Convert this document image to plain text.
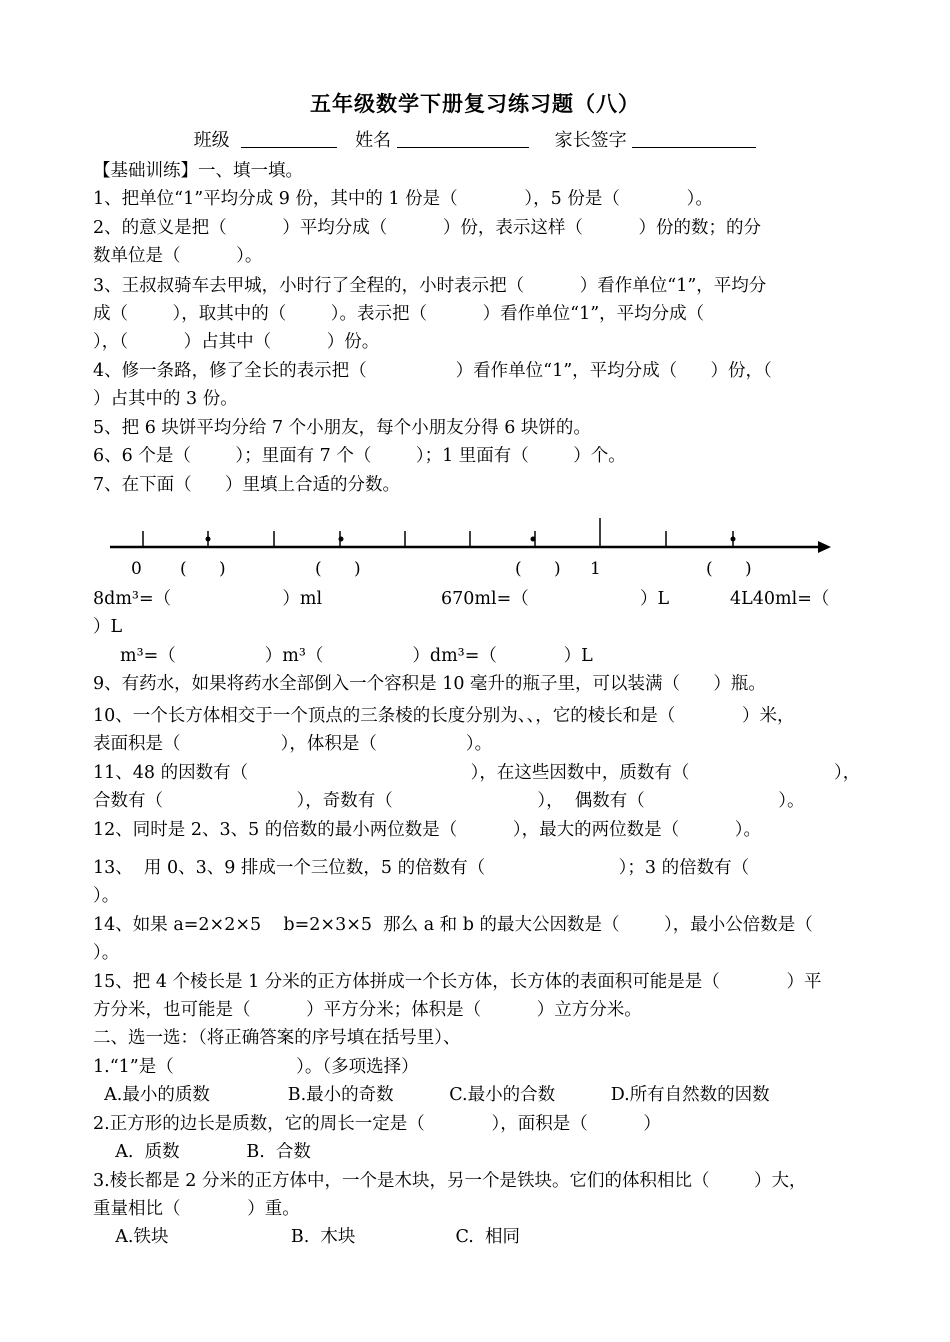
五年级数学下册复习练习题（八）
班级	姓名	家长签字
【基础训练】一、填一填。
1、把单位“1”平均分成 9 份，其中的 1 份是（            ），5 份是（            ）。
2、的意义是把（          ）平均分成（          ）份，表示这样（          ）份的数；的分
数单位是（          ）。
3、王叔叔骑车去甲城，小时行了全程的，小时表示把（          ）看作单位“1”，平均分
成（        ），取其中的（        ）。表示把（          ）看作单位“1”，平均分成（
），（          ）占其中（          ）份。
4、修一条路，修了全长的表示把（                ）看作单位“1”，平均分成（      ）份，（
）占其中的 3 份。
5、把 6 块饼平均分给 7 个小朋友，每个小朋友分得 6 块饼的。
6、6 个是（        ）；里面有 7 个（        ）；1 里面有（        ）个。
7、在下面（      ）里填上合适的分数。
0 (      )	(      )	(      ) 1	(      )
8dm³=（                    ）ml	670ml=（                    ）L	4L40ml=（
）L
m³=（                ）m³（                ）dm³=（            ）L
9、有药水，如果将药水全部倒入一个容积是 10 毫升的瓶子里，可以装满（      ）瓶。
10、一个长方体相交于一个顶点的三条棱的长度分别为、、，它的棱长和是（            ）米，
表面积是（                  ），体积是（                ）。
11、48 的因数有（                                        ），在这些因数中，质数有（                          ），
合数有（                        ），奇数有（                          ），  偶数有（                        ）。
12、同时是 2、3、5 的倍数的最小两位数是（          ），最大的两位数是（          ）。
13、  用 0、3、9 排成一个三位数，5 的倍数有（                        ）；3 的倍数有（
）。
14、如果 a=2×2×5    b=2×3×5  那么 a 和 b 的最大公因数是（        ），最小公倍数是（
）。
15、把 4 个棱长是 1 分米的正方体拼成一个长方体，长方体的表面积可能是是（            ）平
方分米，也可能是（          ）平方分米；体积是（          ）立方分米。
二、选一选：（将正确答案的序号填在括号里）、
1.“1”是（                      ）。（多项选择）
A.最小的质数              B.最小的奇数          C.最小的合数          D.所有自然数的因数
2.正方形的边长是质数，它的周长一定是（            ），面积是（          ）
A.  质数            B.  合数
3.棱长都是 2 分米的正方体中，一个是木块，另一个是铁块。它们的体积相比（        ）大，
重量相比（            ）重。
A.铁块                      B.  木块                  C.  相同
